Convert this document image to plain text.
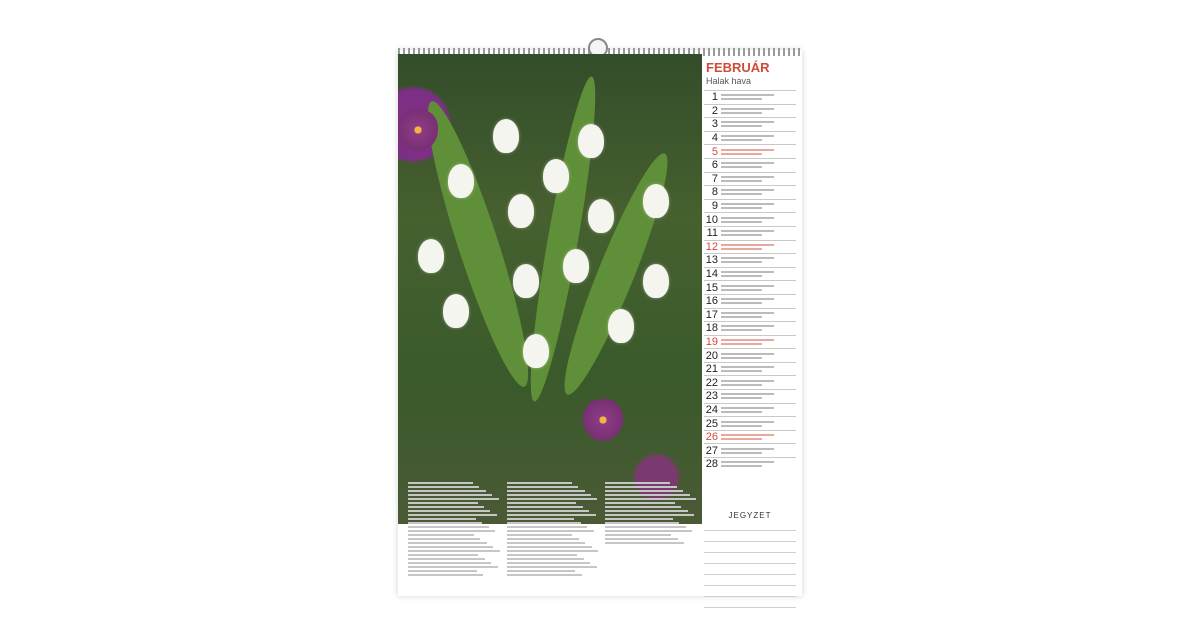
FEBRUÁR
Halak hava
1
2
3
4
5
6
7
8
9
10
11
12
13
14
15
16
17
18
19
20
21
22
23
24
25
26
27
28
JEGYZET
